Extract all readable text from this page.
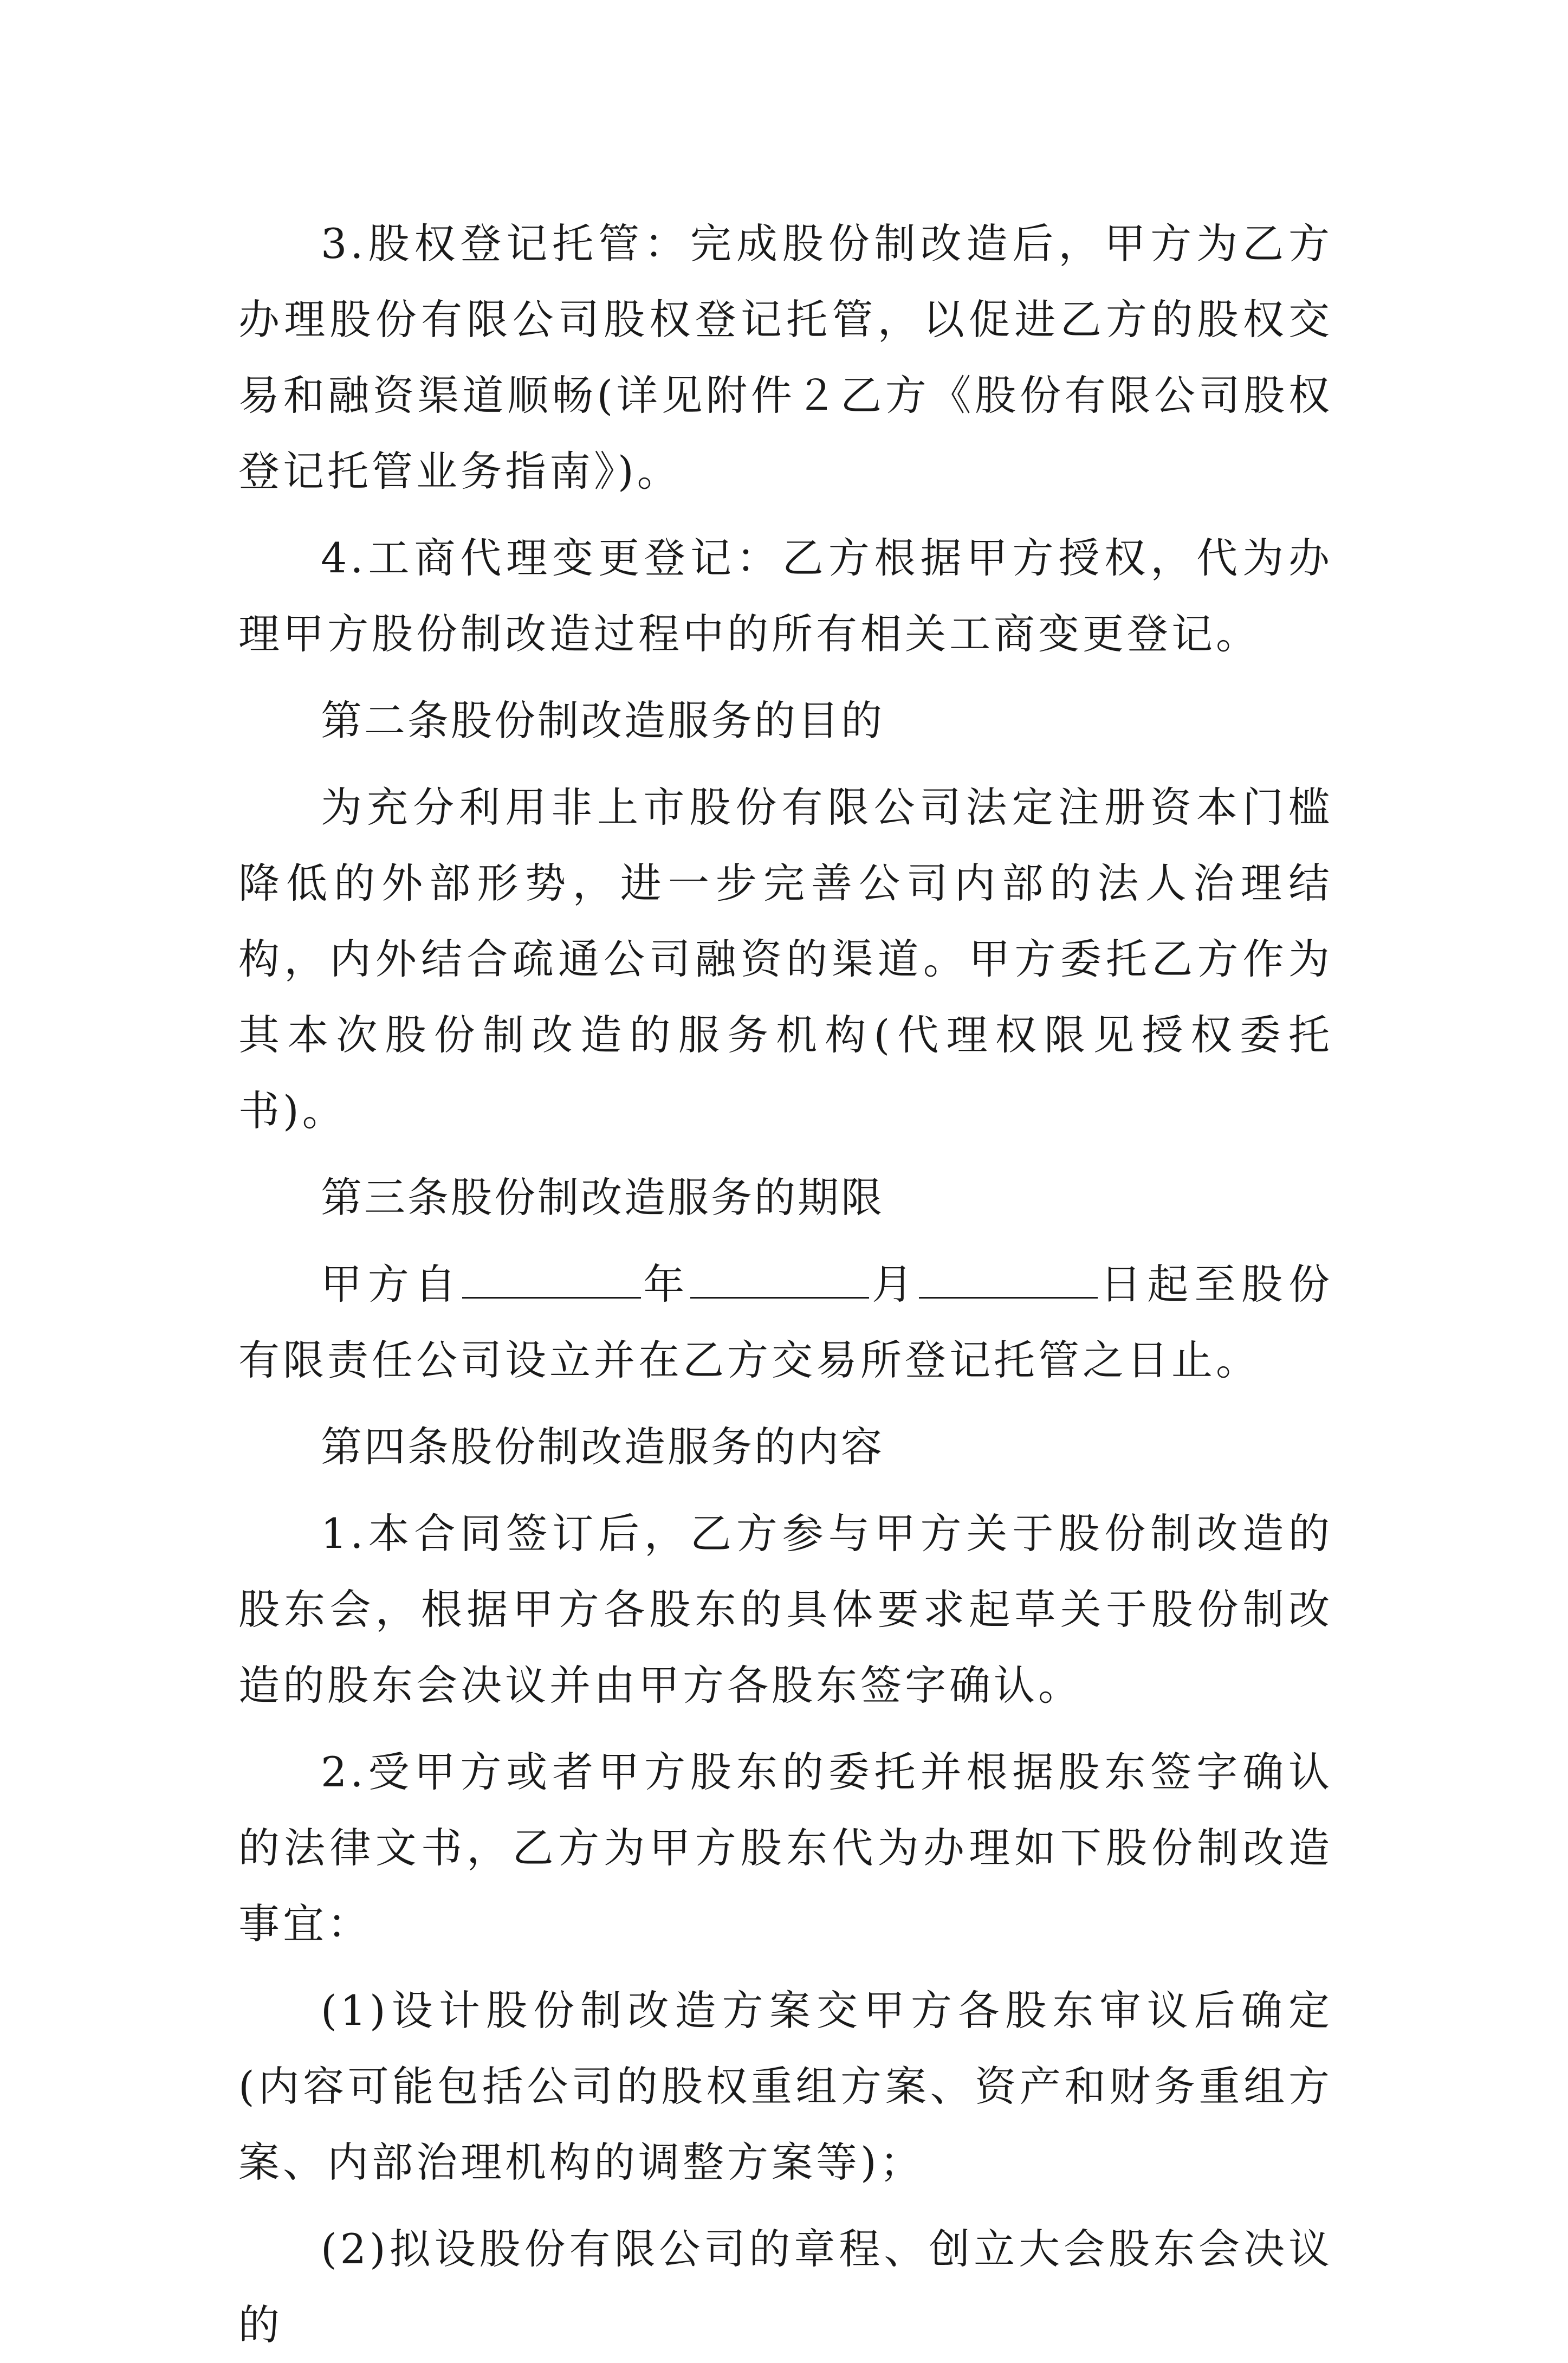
3.股权登记托管：完成股份制改造后，甲方为乙方办理股份有限公司股权登记托管，以促进乙方的股权交易和融资渠道顺畅(详见附件２乙方《股份有限公司股权登记托管业务指南》)。

4.工商代理变更登记：乙方根据甲方授权，代为办理甲方股份制改造过程中的所有相关工商变更登记。

第二条股份制改造服务的目的

为充分利用非上市股份有限公司法定注册资本门槛降低的外部形势，进一步完善公司内部的法人治理结构，内外结合疏通公司融资的渠道。甲方委托乙方作为其本次股份制改造的服务机构(代理权限见授权委托书)。

第三条股份制改造服务的期限

甲方自	年	月	日起至股份有限责任公司设立并在乙方交易所登记托管之日止。

第四条股份制改造服务的内容

1.本合同签订后，乙方参与甲方关于股份制改造的股东会，根据甲方各股东的具体要求起草关于股份制改造的股东会决议并由甲方各股东签字确认。

2.受甲方或者甲方股东的委托并根据股东签字确认的法律文书，乙方为甲方股东代为办理如下股份制改造事宜：

(1)设计股份制改造方案交甲方各股东审议后确定(内容可能包括公司的股权重组方案、资产和财务重组方案、内部治理机构的调整方案等)；

(2)拟设股份有限公司的章程、创立大会股东会决议的
